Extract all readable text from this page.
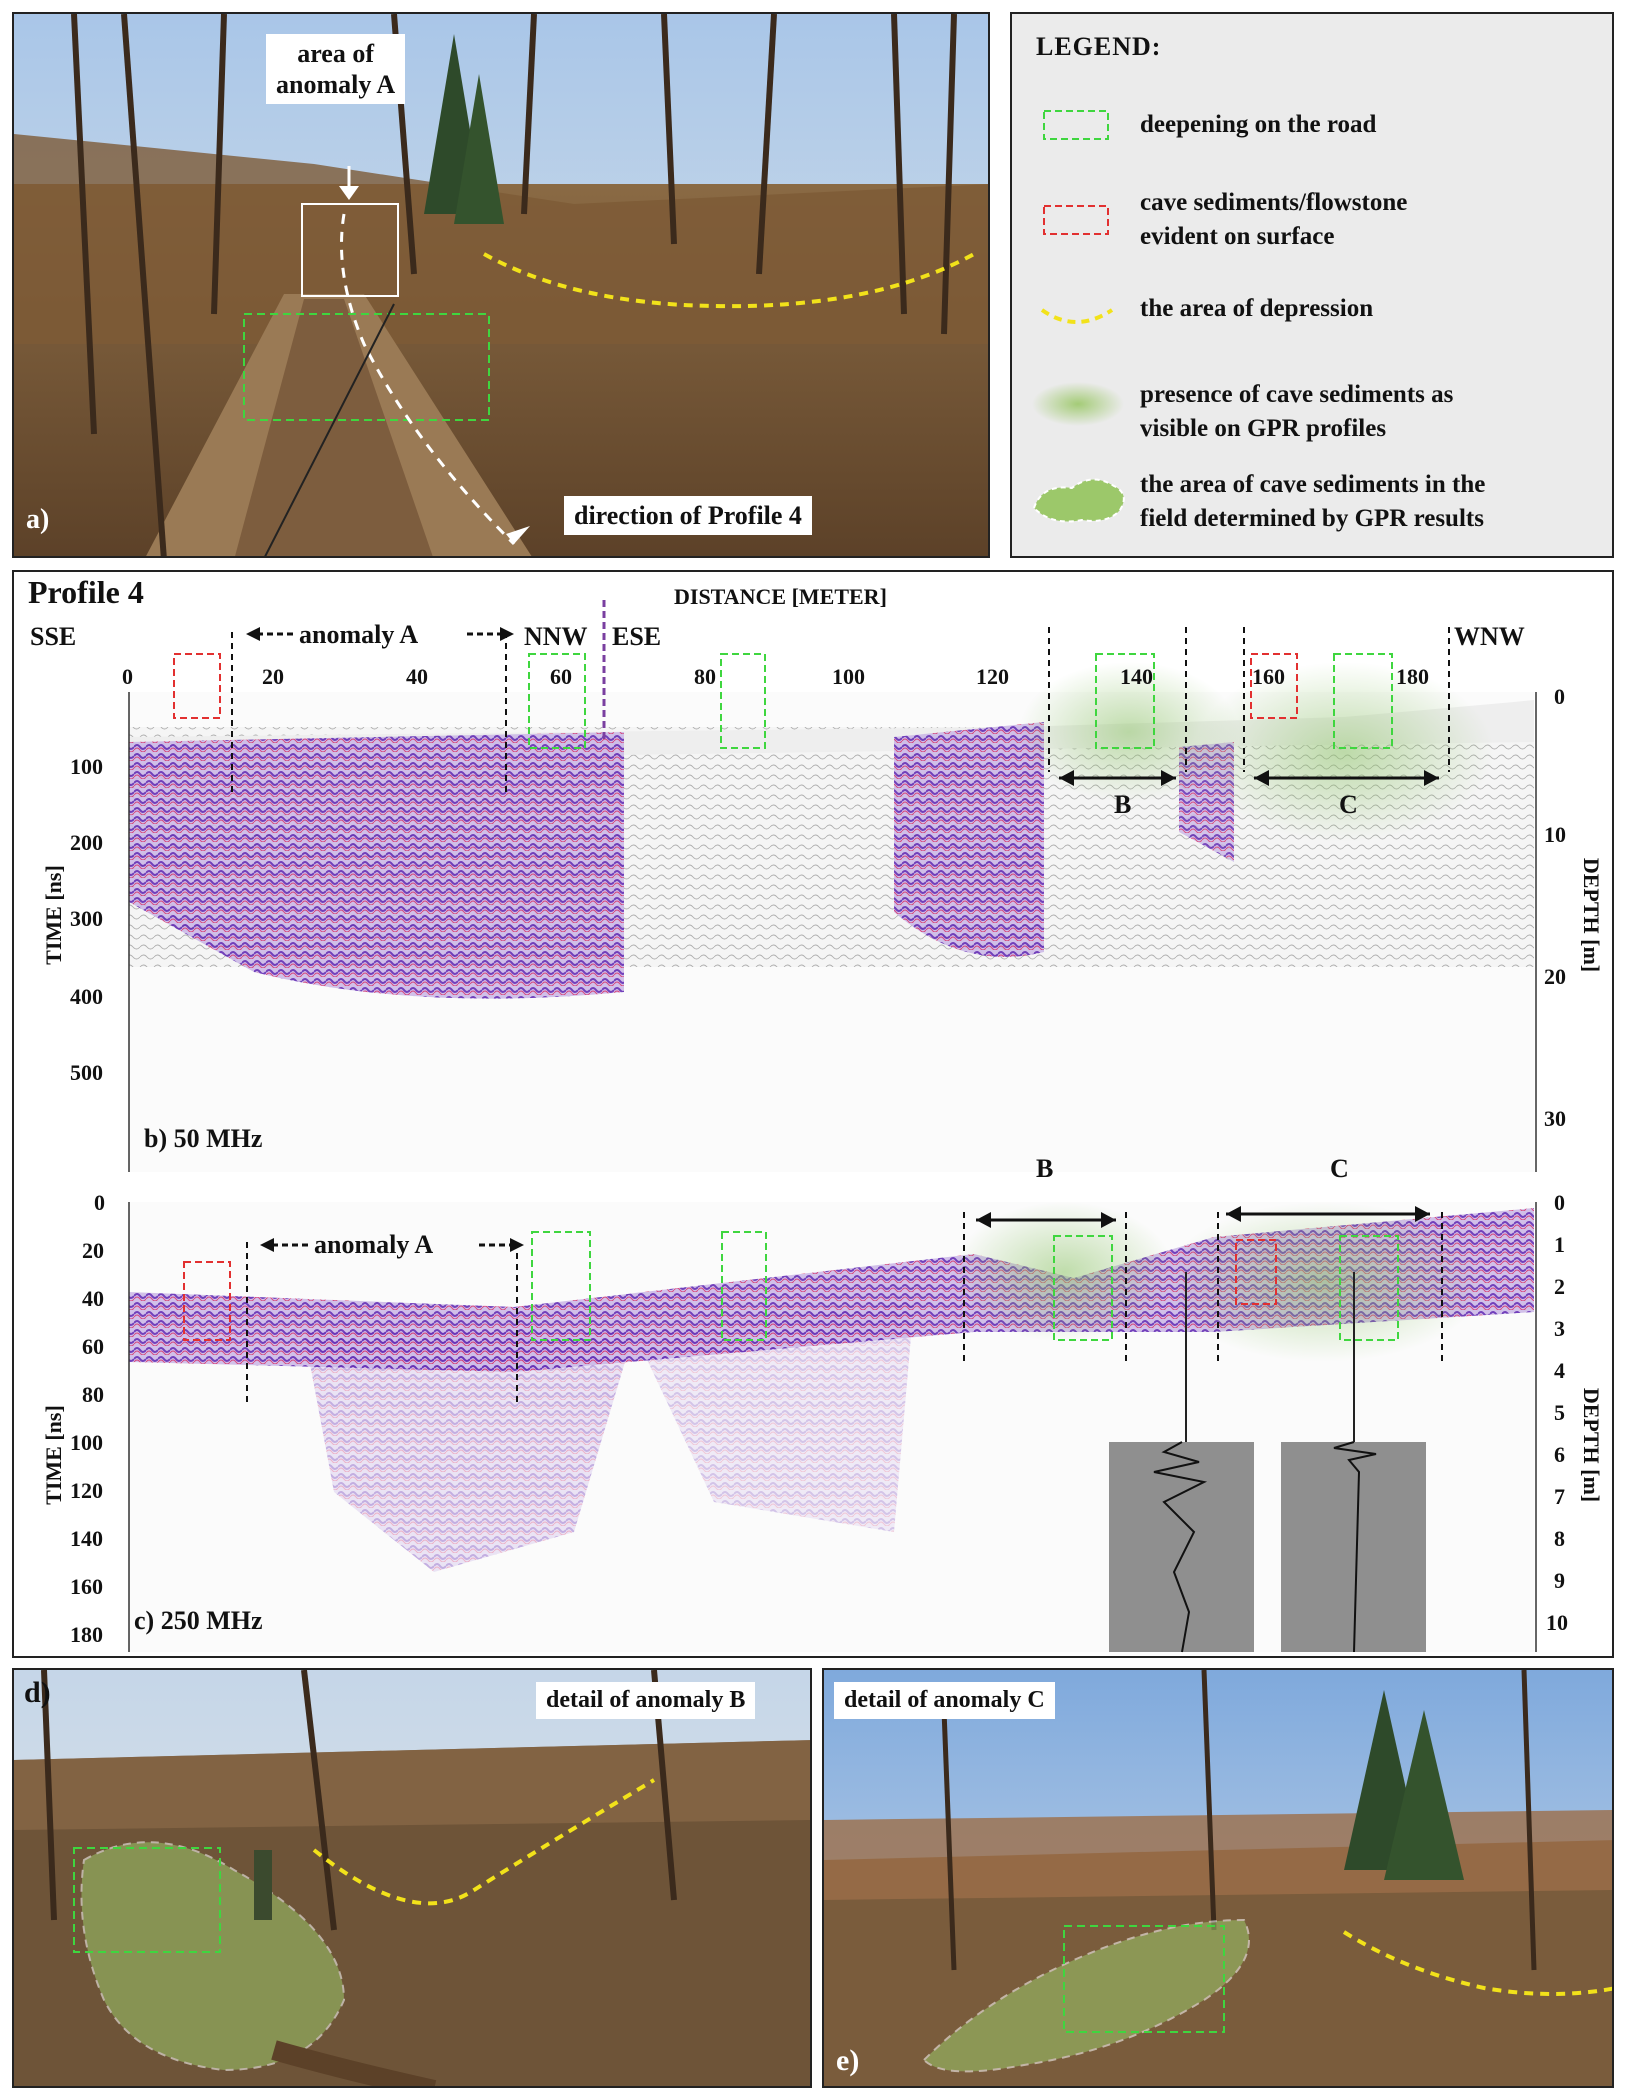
area of
anomaly A
direction of Profile 4
a)
LEGEND:
deepening on the road
cave sediments/flowstone
evident on surface
the area of depression
presence of cave sediments as
visible on GPR profiles
the area of cave sediments in the
field determined by GPR results
Profile 4	DISTANCE [METER]
SSE	anomaly A	NNW ESE	WNW
0	20	40	60	80	100	120	140	160	180
TIME [ns]	DEPTH [m]
100
200
300
400
500
0
10
20
30
B	C
b) 50 MHz
B	C
anomaly A
TIME [ns]	DEPTH [m]
0
20
40
60
80
100
120
140
160
180
0
1
2
3
4
5
6
7
8
9
10
c) 250 MHz
d)	detail of anomaly B	detail of anomaly C
e)
